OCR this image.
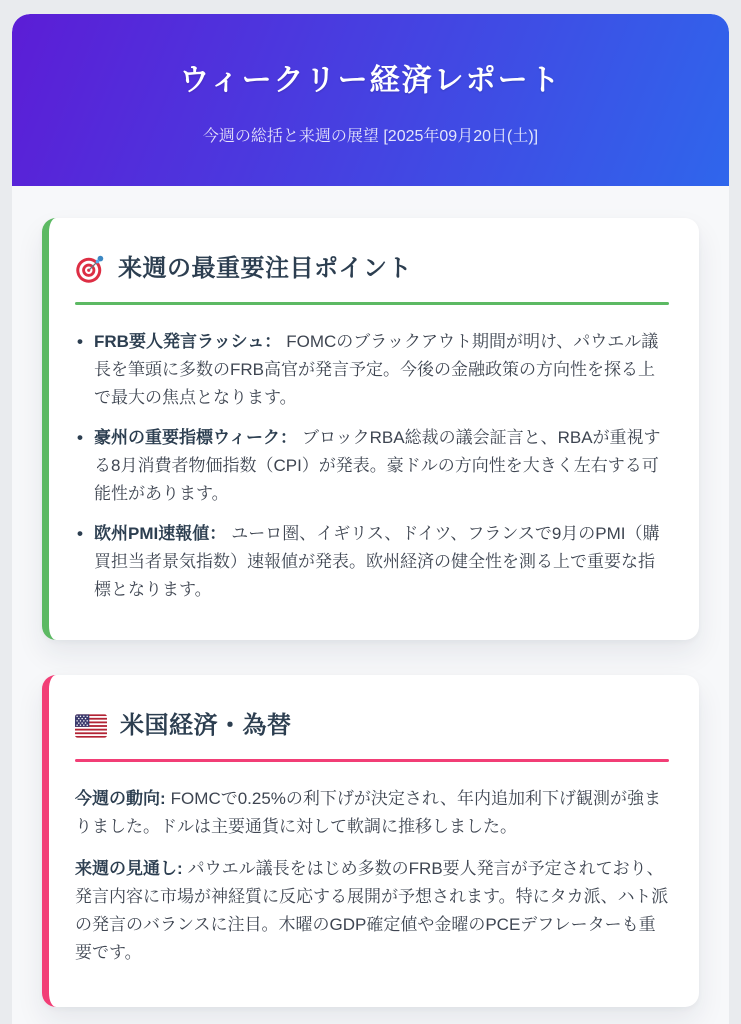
ウィークリー経済レポート

今週の総括と来週の展望 [2025年09月20日(土)]

来週の最重要注目ポイント
• FRB要人発言ラッシュ： FOMCのブラックアウト期間が明け、パウエル議長を筆頭に多数のFRB高官が発言予定。今後の金融政策の方向性を探る上で最大の焦点となります。
• 豪州の重要指標ウィーク： ブロックRBA総裁の議会証言と、RBAが重視する8月消費者物価指数（CPI）が発表。豪ドルの方向性を大きく左右する可能性があります。
• 欧州PMI速報値： ユーロ圏、イギリス、ドイツ、フランスで9月のPMI（購買担当者景気指数）速報値が発表。欧州経済の健全性を測る上で重要な指標となります。
米国経済・為替

今週の動向: FOMCで0.25%の利下げが決定され、年内追加利下げ観測が強まりました。ドルは主要通貨に対して軟調に推移しました。

来週の見通し: パウエル議長をはじめ多数のFRB要人発言が予定されており、発言内容に市場が神経質に反応する展開が予想されます。特にタカ派、ハト派の発言のバランスに注目。木曜のGDP確定値や金曜のPCEデフレーターも重要です。
